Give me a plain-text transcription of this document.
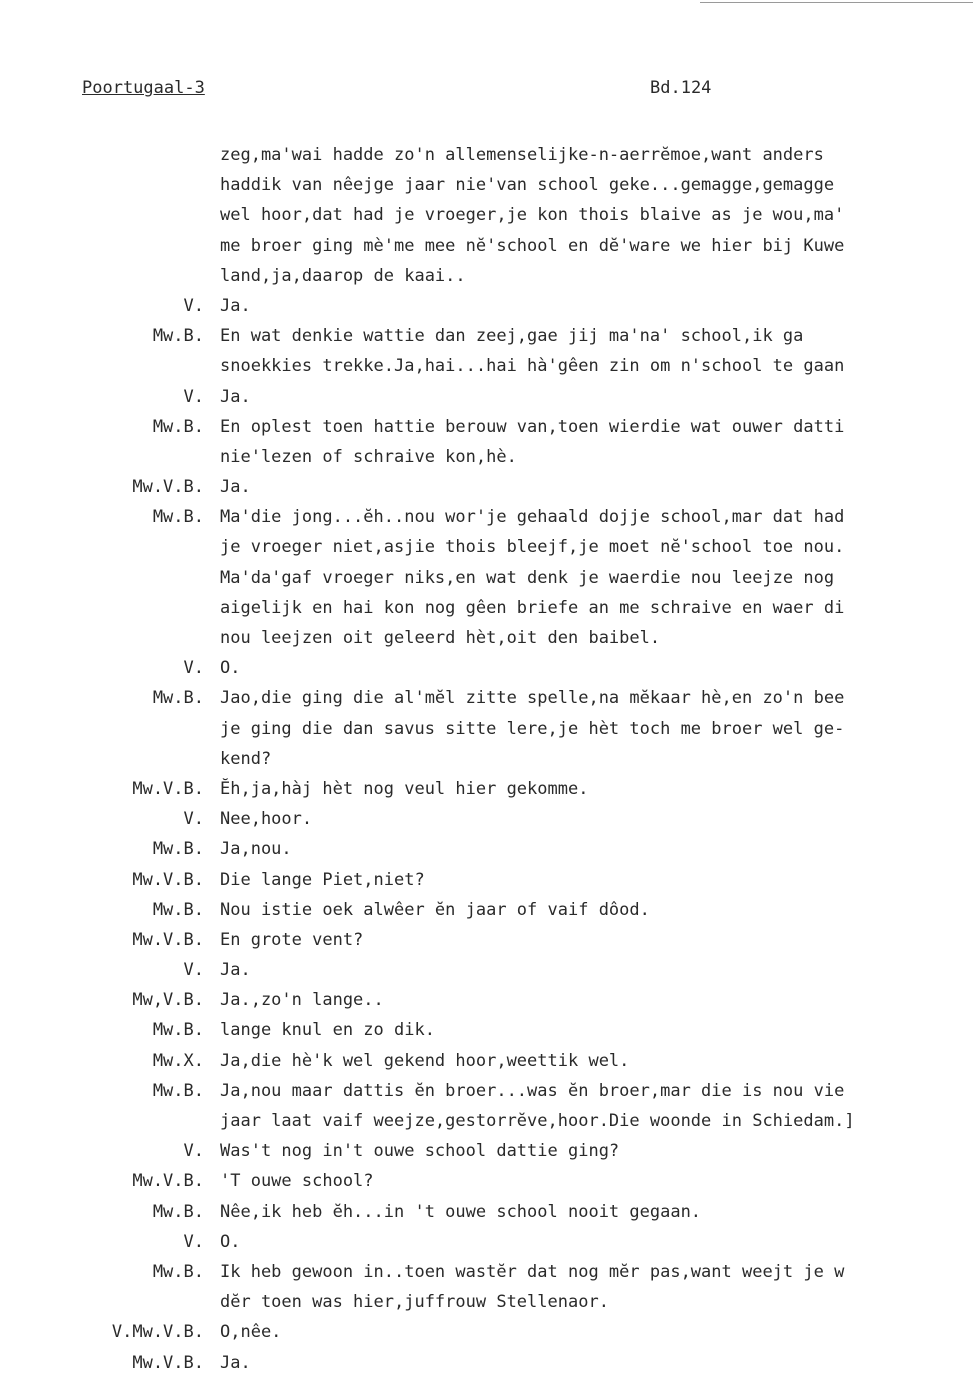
Poortugaal-3	Bd.124
zeg,ma'wai hadde zo'n allemenselijke-n-aerrĕmoe,want anders
haddik van nêejge jaar nie'van school geke...gemagge,gemagge
wel hoor,dat had je vroeger,je kon thois blaive as je wou,ma'
me broer ging mè'me mee nĕ'school en dĕ'ware we hier bij Kuwe
land,ja,daarop de kaai..
V. Ja.
Mw.B. En wat denkie wattie dan zeej,gae jij ma'na' school,ik ga
snoekkies trekke.Ja,hai...hai hà'gêen zin om n'school te gaan
V. Ja.
Mw.B. En oplest toen hattie berouw van,toen wierdie wat ouwer datti
nie'lezen of schraive kon,hè.
Mw.V.B. Ja.
Mw.B. Ma'die jong...ĕh..nou wor'je gehaald dojje school,mar dat had
je vroeger niet,asjie thois bleejf,je moet nĕ'school toe nou.
Ma'da'gaf vroeger niks,en wat denk je waerdie nou leejze nog
aigelijk en hai kon nog gêen briefe an me schraive en waer di
nou leejzen oit geleerd hèt,oit den baibel.
V. O.
Mw.B. Jao,die ging die al'mĕl zitte spelle,na mĕkaar hè,en zo'n bee
je ging die dan savus sitte lere,je hèt toch me broer wel ge-
kend?
Mw.V.B. Ĕh,ja,hàj hèt nog veul hier gekomme.
V. Nee,hoor.
Mw.B. Ja,nou.
Mw.V.B. Die lange Piet,niet?
Mw.B. Nou istie oek alwêer ĕn jaar of vaif dôod.
Mw.V.B. En grote vent?
V. Ja.
Mw,V.B. Ja.,zo'n lange..
Mw.B. lange knul en zo dik.
Mw.X. Ja,die hè'k wel gekend hoor,weettik wel.
Mw.B. Ja,nou maar dattis ĕn broer...was ĕn broer,mar die is nou vie
jaar laat vaif weejze,gestorrĕve,hoor.Die woonde in Schiedam.]
V. Was't nog in't ouwe school dattie ging?
Mw.V.B. 'T ouwe school?
Mw.B. Nêe,ik heb ĕh...in 't ouwe school nooit gegaan.
V. O.
Mw.B. Ik heb gewoon in..toen wastĕr dat nog mĕr pas,want weejt je w
dĕr toen was hier,juffrouw Stellenaor.
V.Mw.V.B. O,nêe.
Mw.V.B. Ja.
